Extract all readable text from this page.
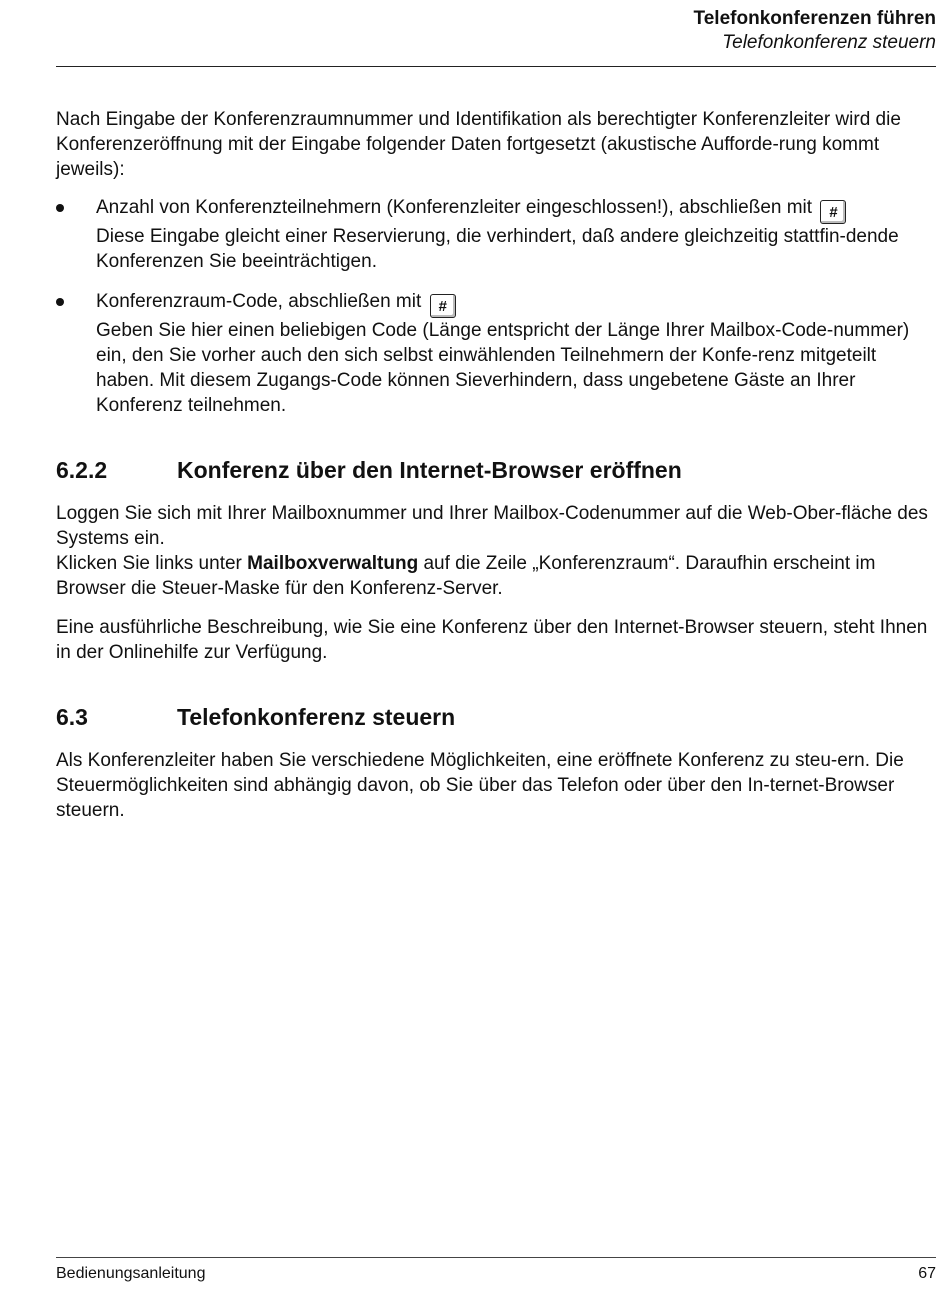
Telefonkonferenzen führen
Telefonkonferenz steuern

Nach Eingabe der Konferenzraumnummer und Identifikation als berechtigter Konferenzleiter wird die Konferenzeröffnung mit der Eingabe folgender Daten fortgesetzt (akustische Aufforde-rung kommt jeweils):

Anzahl von Konferenzteilnehmern (Konferenzleiter eingeschlossen!), abschließen mit #
Diese Eingabe gleicht einer Reservierung, die verhindert, daß andere gleichzeitig stattfin-dende Konferenzen Sie beeinträchtigen.
Konferenzraum-Code, abschließen mit #
Geben Sie hier einen beliebigen Code (Länge entspricht der Länge Ihrer Mailbox-Code-nummer) ein, den Sie vorher auch den sich selbst einwählenden Teilnehmern der Konfe-renz mitgeteilt haben. Mit diesem Zugangs-Code können Sieverhindern, dass ungebetene Gäste an Ihrer Konferenz teilnehmen.
6.2.2	Konferenz über den Internet-Browser eröffnen

Loggen Sie sich mit Ihrer Mailboxnummer und Ihrer Mailbox-Codenummer auf die Web-Ober-fläche des Systems ein.
Klicken Sie links unter Mailboxverwaltung auf die Zeile „Konferenzraum“. Daraufhin erscheint im Browser die Steuer-Maske für den Konferenz-Server.

Eine ausführliche Beschreibung, wie Sie eine Konferenz über den Internet-Browser steuern, steht Ihnen in der Onlinehilfe zur Verfügung.

6.3	Telefonkonferenz steuern

Als Konferenzleiter haben Sie verschiedene Möglichkeiten, eine eröffnete Konferenz zu steu-ern. Die Steuermöglichkeiten sind abhängig davon, ob Sie über das Telefon oder über den In-ternet-Browser steuern.

Bedienungsanleitung	67
